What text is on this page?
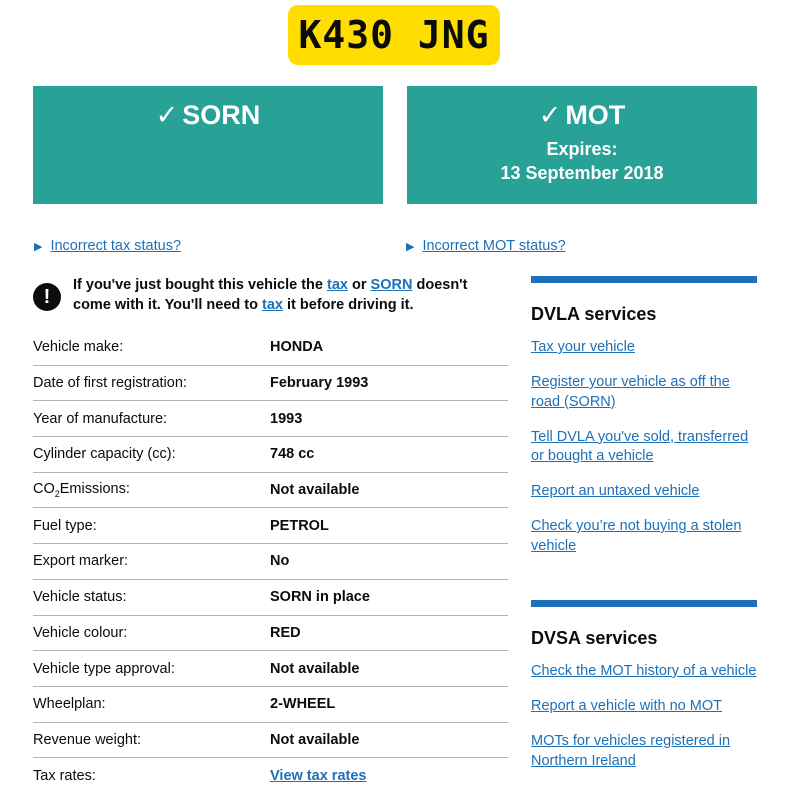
K430 JNG
✓ SORN	✓ MOT
Expires:
13 September 2018
▶ Incorrect tax status?	▶ Incorrect MOT status?
!
If you've just bought this vehicle the tax or SORN doesn't come with it. You'll need to tax it before driving it.
Vehicle make:	HONDA
Date of first registration:	February 1993
Year of manufacture:	1993
Cylinder capacity (cc):	748 cc
$CO_2Emissions$:	Not available
Fuel type:	PETROL
Export marker:	No
Vehicle status:	SORN in place
Vehicle colour:	RED
Vehicle type approval:	Not available
Wheelplan:	2-WHEEL
Revenue weight:	Not available
Tax rates:	View tax rates
DVLA services
Tax your vehicle
Register your vehicle as off the road (SORN)
Tell DVLA you've sold, transferred or bought a vehicle
Report an untaxed vehicle
Check you’re not buying a stolen vehicle
DVSA services
Check the MOT history of a vehicle
Report a vehicle with no MOT
MOTs for vehicles registered in Northern Ireland
